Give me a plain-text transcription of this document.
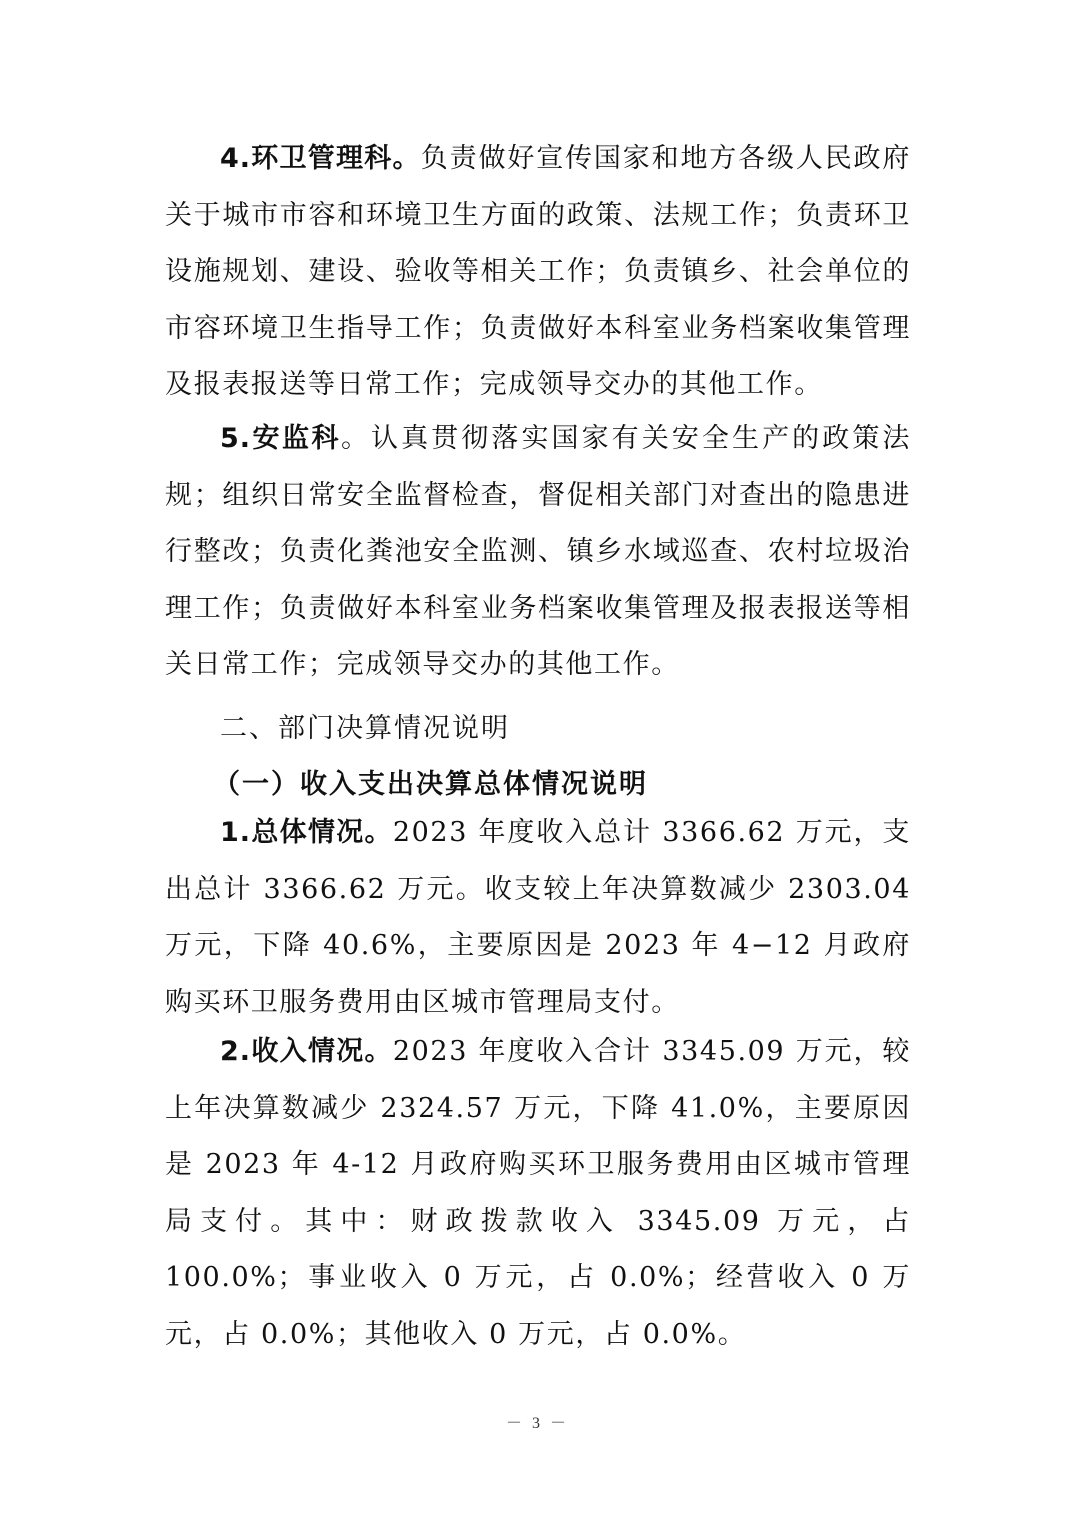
4.环卫管理科。负责做好宣传国家和地方各级人民政府关于城市市容和环境卫生方面的政策、法规工作；负责环卫设施规划、建设、验收等相关工作；负责镇乡、社会单位的市容环境卫生指导工作；负责做好本科室业务档案收集管理及报表报送等日常工作；完成领导交办的其他工作。

5.安监科。认真贯彻落实国家有关安全生产的政策法规；组织日常安全监督检查，督促相关部门对查出的隐患进行整改；负责化粪池安全监测、镇乡水域巡查、农村垃圾治理工作；负责做好本科室业务档案收集管理及报表报送等相关日常工作；完成领导交办的其他工作。

二、部门决算情况说明
（一）收入支出决算总体情况说明

1.总体情况。2023 年度收入总计 3366.62 万元，支出总计 3366.62 万元。收支较上年决算数减少 2303.04 万元，下降 40.6%，主要原因是 2023 年 4−12 月政府购买环卫服务费用由区城市管理局支付。

2.收入情况。2023 年度收入合计 3345.09 万元，较上年决算数减少 2324.57 万元，下降 41.0%，主要原因是 2023 年 4-12 月政府购买环卫服务费用由区城市管理局支付。其中：财政拨款收入 3345.09 万元，占 100.0%；事业收入 0 万元，占 0.0%；经营收入 0 万元，占 0.0%；其他收入 0 万元，占 0.0%。

－ 3 －
